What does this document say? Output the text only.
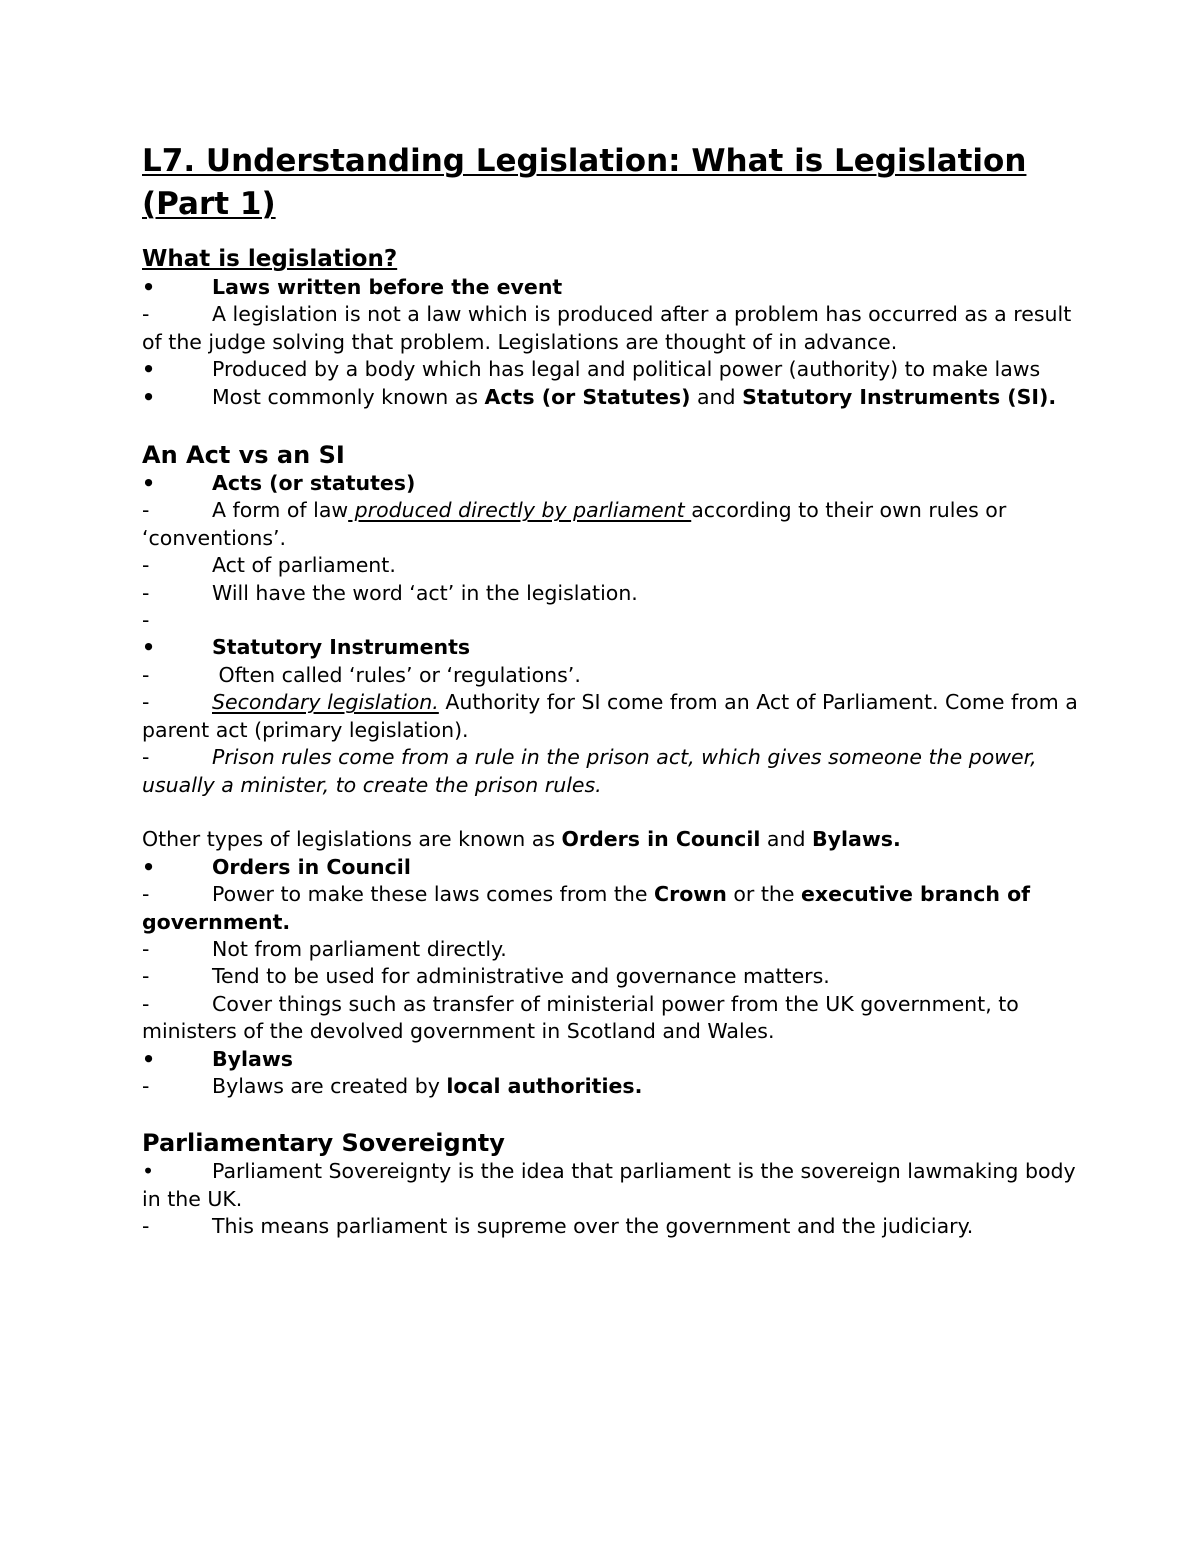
L7. Understanding Legislation: What is Legislation (Part 1)
What is legislation?

•	Laws written before the event

-	A legislation is not a law which is produced after a problem has occurred as a result of the judge solving that problem. Legislations are thought of in advance.

•	Produced by a body which has legal and political power (authority) to make laws

•	Most commonly known as Acts (or Statutes) and Statutory Instruments (SI).

An Act vs an SI

•	Acts (or statutes)

-	A form of law produced directly by parliament according to their own rules or ‘conventions’.

-	Act of parliament.

-	Will have the word ‘act’ in the legislation.

-

•	Statutory Instruments

-	Often called ‘rules’ or ‘regulations’.

-	Secondary legislation. Authority for SI come from an Act of Parliament. Come from a parent act (primary legislation).

-	Prison rules come from a rule in the prison act, which gives someone the power, usually a minister, to create the prison rules.

Other types of legislations are known as Orders in Council and Bylaws.

•	Orders in Council

-	Power to make these laws comes from the Crown or the executive branch of government.

-	Not from parliament directly.

-	Tend to be used for administrative and governance matters.

-	Cover things such as transfer of ministerial power from the UK government, to ministers of the devolved government in Scotland and Wales.

•	Bylaws

-	Bylaws are created by local authorities.

Parliamentary Sovereignty

•	Parliament Sovereignty is the idea that parliament is the sovereign lawmaking body in the UK.

-	This means parliament is supreme over the government and the judiciary.
